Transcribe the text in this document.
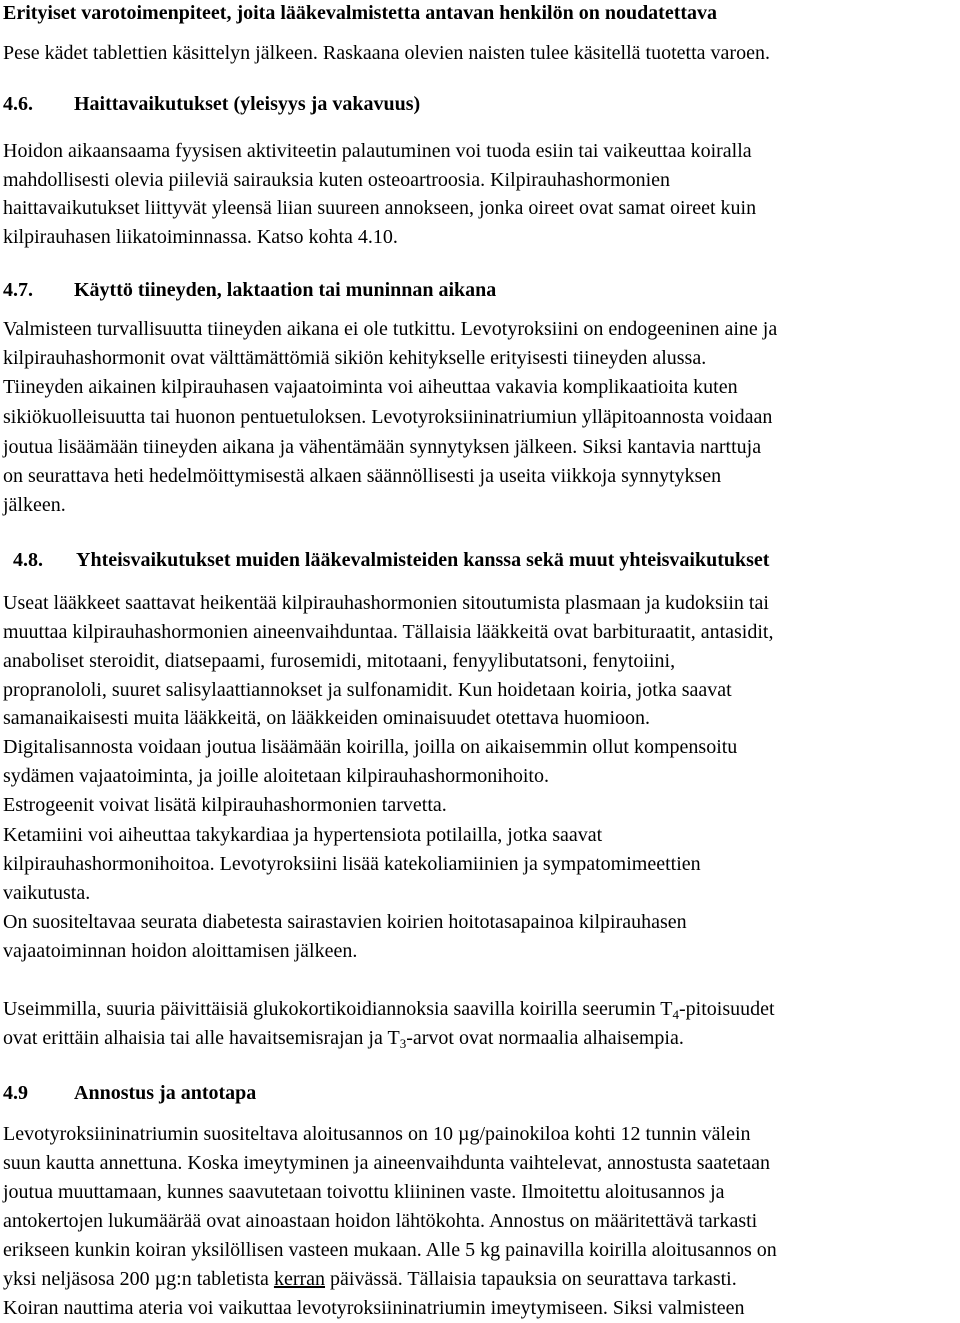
Erityiset varotoimenpiteet, joita lääkevalmistetta antavan henkilön on noudatettava
Pese kädet tablettien käsittelyn jälkeen. Raskaana olevien naisten tulee käsitellä tuotetta varoen.
4.6. Haittavaikutukset (yleisyys ja vakavuus)
Hoidon aikaansaama fyysisen aktiviteetin palautuminen voi tuoda esiin tai vaikeuttaa koiralla
mahdollisesti olevia piileviä sairauksia kuten osteoartroosia. Kilpirauhashormonien
haittavaikutukset liittyvät yleensä liian suureen annokseen, jonka oireet ovat samat oireet kuin
kilpirauhasen liikatoiminnassa. Katso kohta 4.10.
4.7. Käyttö tiineyden, laktaation tai muninnan aikana
Valmisteen turvallisuutta tiineyden aikana ei ole tutkittu. Levotyroksiini on endogeeninen aine ja
kilpirauhashormonit ovat välttämättömiä sikiön kehitykselle erityisesti tiineyden alussa.
Tiineyden aikainen kilpirauhasen vajaatoiminta voi aiheuttaa vakavia komplikaatioita kuten
sikiökuolleisuutta tai huonon pentuetuloksen. Levotyroksiininatriumiun ylläpitoannosta voidaan
joutua lisäämään tiineyden aikana ja vähentämään synnytyksen jälkeen. Siksi kantavia narttuja
on seurattava heti hedelmöittymisestä alkaen säännöllisesti ja useita viikkoja synnytyksen
jälkeen.
4.8. Yhteisvaikutukset muiden lääkevalmisteiden kanssa sekä muut yhteisvaikutukset
Useat lääkkeet saattavat heikentää kilpirauhashormonien sitoutumista plasmaan ja kudoksiin tai
muuttaa kilpirauhashormonien aineenvaihduntaa. Tällaisia lääkkeitä ovat barbituraatit, antasidit,
anaboliset steroidit, diatsepaami, furosemidi, mitotaani, fenyylibutatsoni, fenytoiini,
propranololi, suuret salisylaattiannokset ja sulfonamidit. Kun hoidetaan koiria, jotka saavat
samanaikaisesti muita lääkkeitä, on lääkkeiden ominaisuudet otettava huomioon.
Digitalisannosta voidaan joutua lisäämään koirilla, joilla on aikaisemmin ollut kompensoitu
sydämen vajaatoiminta, ja joille aloitetaan kilpirauhashormonihoito.
Estrogeenit voivat lisätä kilpirauhashormonien tarvetta.
Ketamiini voi aiheuttaa takykardiaa ja hypertensiota potilailla, jotka saavat
kilpirauhashormonihoitoa. Levotyroksiini lisää katekoliamiinien ja sympatomimeettien
vaikutusta.
On suositeltavaa seurata diabetesta sairastavien koirien hoitotasapainoa kilpirauhasen
vajaatoiminnan hoidon aloittamisen jälkeen.
Useimmilla, suuria päivittäisiä glukokortikoidiannoksia saavilla koirilla seerumin $T_4$-pitoisuudet
ovat erittäin alhaisia tai alle havaitsemisrajan ja $T_3$-arvot ovat normaalia alhaisempia.
4.9 Annostus ja antotapa
Levotyroksiininatriumin suositeltava aloitusannos on 10 µg/painokiloa kohti 12 tunnin välein
suun kautta annettuna. Koska imeytyminen ja aineenvaihdunta vaihtelevat, annostusta saatetaan
joutua muuttamaan, kunnes saavutetaan toivottu kliininen vaste. Ilmoitettu aloitusannos ja
antokertojen lukumäärää ovat ainoastaan hoidon lähtökohta. Annostus on määritettävä tarkasti
erikseen kunkin koiran yksilöllisen vasteen mukaan. Alle 5 kg painavilla koirilla aloitusannos on
yksi neljäsosa 200 µg:n tabletista kerran päivässä. Tällaisia tapauksia on seurattava tarkasti.
Koiran nauttima ateria voi vaikuttaa levotyroksiininatriumin imeytymiseen. Siksi valmisteen
